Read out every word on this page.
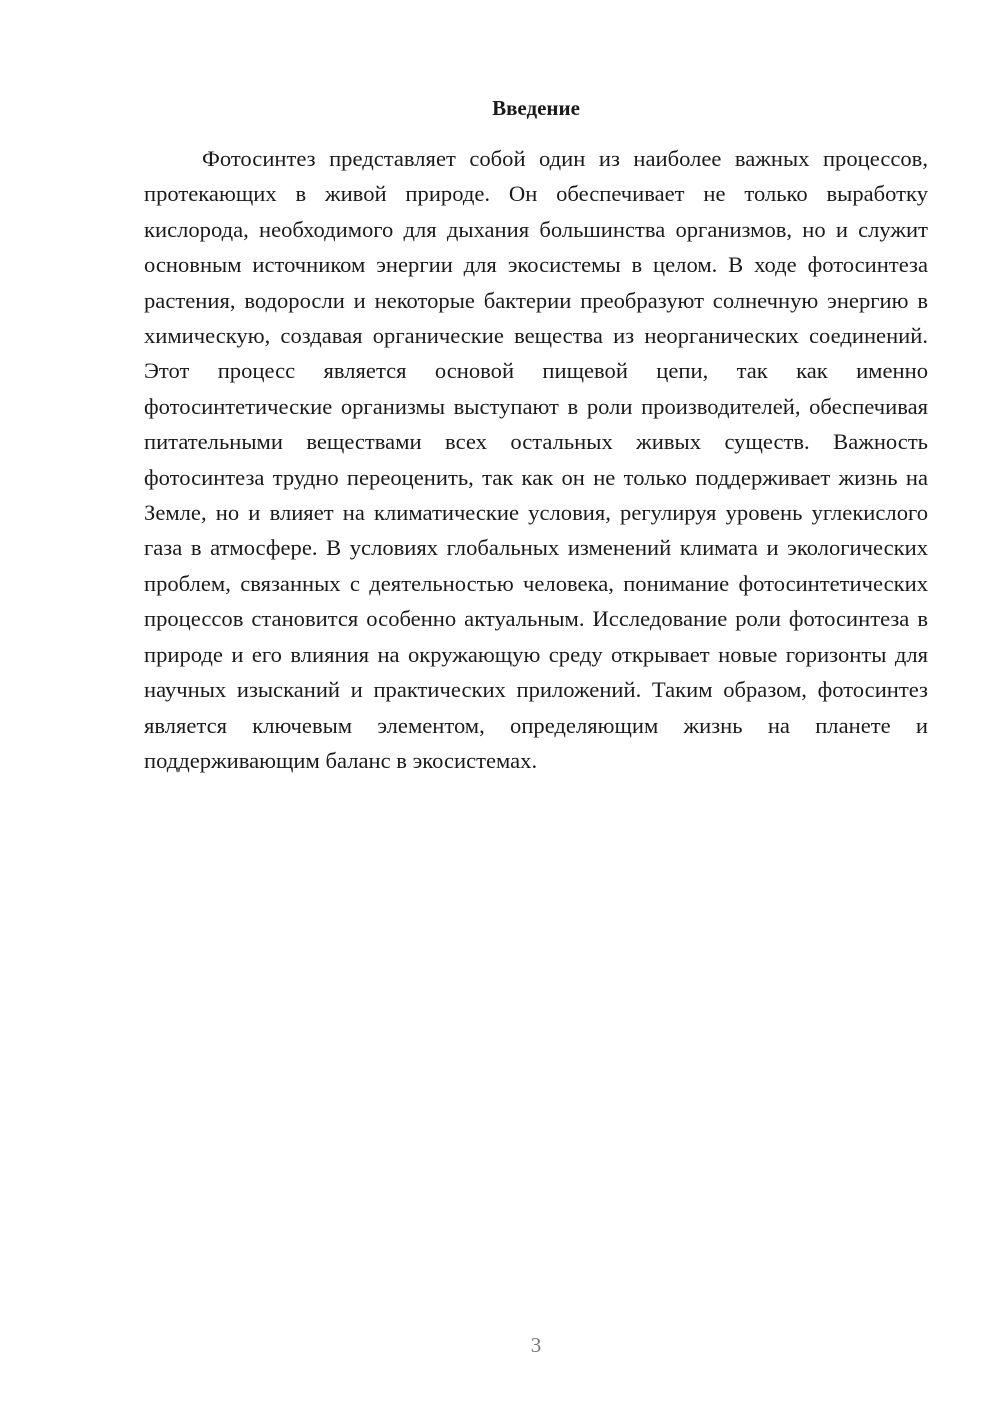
Введение

Фотосинтез представляет собой один из наиболее важных процессов, протекающих в живой природе. Он обеспечивает не только выработку кислорода, необходимого для дыхания большинства организмов, но и служит основным источником энергии для экосистемы в целом. В ходе фотосинтеза растения, водоросли и некоторые бактерии преобразуют солнечную энергию в химическую, создавая органические вещества из неорганических соединений. Этот процесс является основой пищевой цепи, так как именно фотосинтетические организмы выступают в роли производителей, обеспечивая питательными веществами всех остальных живых существ. Важность фотосинтеза трудно переоценить, так как он не только поддерживает жизнь на Земле, но и влияет на климатические условия, регулируя уровень углекислого газа в атмосфере. В условиях глобальных изменений климата и экологических проблем, связанных с деятельностью человека, понимание фотосинтетических процессов становится особенно актуальным. Исследование роли фотосинтеза в природе и его влияния на окружающую среду открывает новые горизонты для научных изысканий и практических приложений. Таким образом, фотосинтез является ключевым элементом, определяющим жизнь на планете и поддерживающим баланс в экосистемах.

3
